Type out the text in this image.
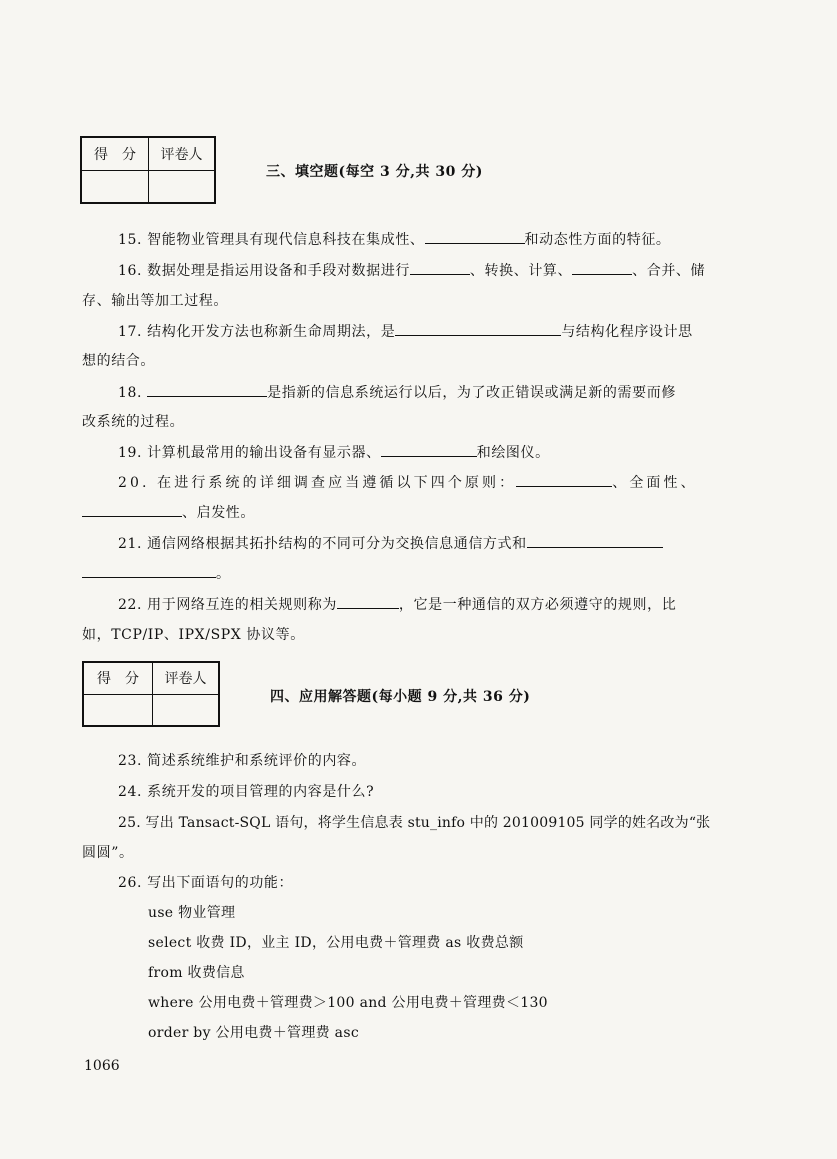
得　分	评卷人

三、填空题(每空 3 分,共 30 分)
15. 智能物业管理具有现代信息科技在集成性、	和动态性方面的特征。
16. 数据处理是指运用设备和手段对数据进行	、转换、计算、	、合并、储
存、输出等加工过程。
17. 结构化开发方法也称新生命周期法，是	与结构化程序设计思
想的结合。
18.	是指新的信息系统运行以后，为了改正错误或满足新的需要而修
改系统的过程。
19. 计算机最常用的输出设备有显示器、	和绘图仪。
20. 在进行系统的详细调查应当遵循以下四个原则：	、全面性、
、启发性。
21. 通信网络根据其拓扑结构的不同可分为交换信息通信方式和
。
22. 用于网络互连的相关规则称为	，它是一种通信的双方必须遵守的规则，比
如，TCP/IP、IPX/SPX 协议等。
得　分	评卷人

四、应用解答题(每小题 9 分,共 36 分)
23. 简述系统维护和系统评价的内容。
24. 系统开发的项目管理的内容是什么?
25. 写出 Tansact-SQL 语句，将学生信息表 stu_info 中的 201009105 同学的姓名改为“张
圆圆”。
26. 写出下面语句的功能：
use 物业管理
select 收费 ID，业主 ID，公用电费＋管理费 as 收费总额
from 收费信息
where 公用电费＋管理费＞100 and 公用电费＋管理费＜130
order by 公用电费＋管理费 asc
1066
